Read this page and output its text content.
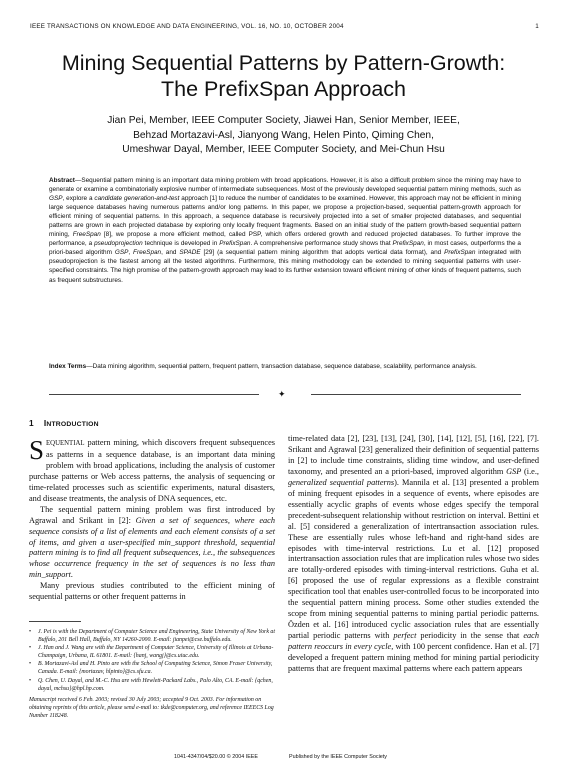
IEEE TRANSACTIONS ON KNOWLEDGE AND DATA ENGINEERING, VOL. 16, NO. 10, OCTOBER 2004	1
Mining Sequential Patterns by Pattern-Growth:
The PrefixSpan Approach
Jian Pei, Member, IEEE Computer Society, Jiawei Han, Senior Member, IEEE,
Behzad Mortazavi-Asl, Jianyong Wang, Helen Pinto, Qiming Chen,
Umeshwar Dayal, Member, IEEE Computer Society, and Mei-Chun Hsu
Abstract—Sequential pattern mining is an important data mining problem with broad applications. However, it is also a difficult problem since the mining may have to generate or examine a combinatorially explosive number of intermediate subsequences. Most of the previously developed sequential pattern mining methods, such as GSP, explore a candidate generation-and-test approach [1] to reduce the number of candidates to be examined. However, this approach may not be efficient in mining large sequence databases having numerous patterns and/or long patterns. In this paper, we propose a projection-based, sequential pattern-growth approach for efficient mining of sequential patterns. In this approach, a sequence database is recursively projected into a set of smaller projected databases, and sequential patterns are grown in each projected database by exploring only locally frequent fragments. Based on an initial study of the pattern growth-based sequential pattern mining, FreeSpan [8], we propose a more efficient method, called PSP, which offers ordered growth and reduced projected databases. To further improve the performance, a pseudoprojection technique is developed in PrefixSpan. A comprehensive performance study shows that PrefixSpan, in most cases, outperforms the a priori-based algorithm GSP, FreeSpan, and SPADE [29] (a sequential pattern mining algorithm that adopts vertical data format), and PrefixSpan integrated with pseudoprojection is the fastest among all the tested algorithms. Furthermore, this mining methodology can be extended to mining sequential patterns with user-specified constraints. The high promise of the pattern-growth approach may lead to its further extension toward efficient mining of other kinds of frequent patterns, such as frequent substructures.
Index Terms—Data mining algorithm, sequential pattern, frequent pattern, transaction database, sequence database, scalability, performance analysis.
✦
1 INTRODUCTION

SEQUENTIAL pattern mining, which discovers frequent subsequences as patterns in a sequence database, is an important data mining problem with broad applications, including the analysis of customer purchase patterns or Web access patterns, the analysis of sequencing or time-related processes such as scientific experiments, natural disasters, and disease treatments, the analysis of DNA sequences, etc.

The sequential pattern mining problem was first introduced by Agrawal and Srikant in [2]: Given a set of sequences, where each sequence consists of a list of elements and each element consists of a set of items, and given a user-specified min_support threshold, sequential pattern mining is to find all frequent subsequences, i.e., the subsequences whose occurrence frequency in the set of sequences is no less than min_support.

Many previous studies contributed to the efficient mining of sequential patterns or other frequent patterns in

• J. Pei is with the Department of Computer Science and Engineering, State University of New York at Buffalo, 201 Bell Hall, Buffalo, NY 14260-2000. E-mail: jianpei@cse.buffalo.edu.
• J. Han and J. Wang are with the Department of Computer Science, University of Illinois at Urbana-Champaign, Urbana, IL 61801. E-mail: {hanj, wangj}@cs.uiuc.edu.
• B. Mortazavi-Asl and H. Pinto are with the School of Computing Science, Simon Fraser University, Canada. E-mail: {mortazav, hlpinto}@cs.sfu.ca.
• Q. Chen, U. Dayal, and M.-C. Hsu are with Hewlett-Packard Labs., Palo Alto, CA. E-mail: {qchen, dayal, mchsu}@hpl.hp.com.
Manuscript received 6 Feb. 2003; revised 30 July 2003; accepted 9 Oct. 2003. For information on obtaining reprints of this article, please send e-mail to: tkde@computer.org, and reference IEEECS Log Number 118248.

time-related data [2], [23], [13], [24], [30], [14], [12], [5], [16], [22], [7]. Srikant and Agrawal [23] generalized their definition of sequential patterns in [2] to include time constraints, sliding time window, and user-defined taxonomy, and presented an a priori-based, improved algorithm GSP (i.e., generalized sequential patterns). Mannila et al. [13] presented a problem of mining frequent episodes in a sequence of events, where episodes are essentially acyclic graphs of events whose edges specify the temporal precedent-subsequent relationship without restriction on interval. Bettini et al. [5] considered a generalization of intertransaction association rules. These are essentially rules whose left-hand and right-hand sides are episodes with time-interval restrictions. Lu et al. [12] proposed intertransaction association rules that are implication rules whose two sides are totally-ordered episodes with timing-interval restrictions. Guha et al. [6] proposed the use of regular expressions as a flexible constraint specification tool that enables user-controlled focus to be incorporated into the sequential pattern mining process. Some other studies extended the scope from mining sequential patterns to mining partial periodic patterns. Özden et al. [16] introduced cyclic association rules that are essentially partial periodic patterns with perfect periodicity in the sense that each pattern reoccurs in every cycle, with 100 percent confidence. Han et al. [7] developed a frequent pattern mining method for mining partial periodicity patterns that are frequent maximal patterns where each pattern appears

1041-4347/04/$20.00 © 2004 IEEE	Published by the IEEE Computer Society
